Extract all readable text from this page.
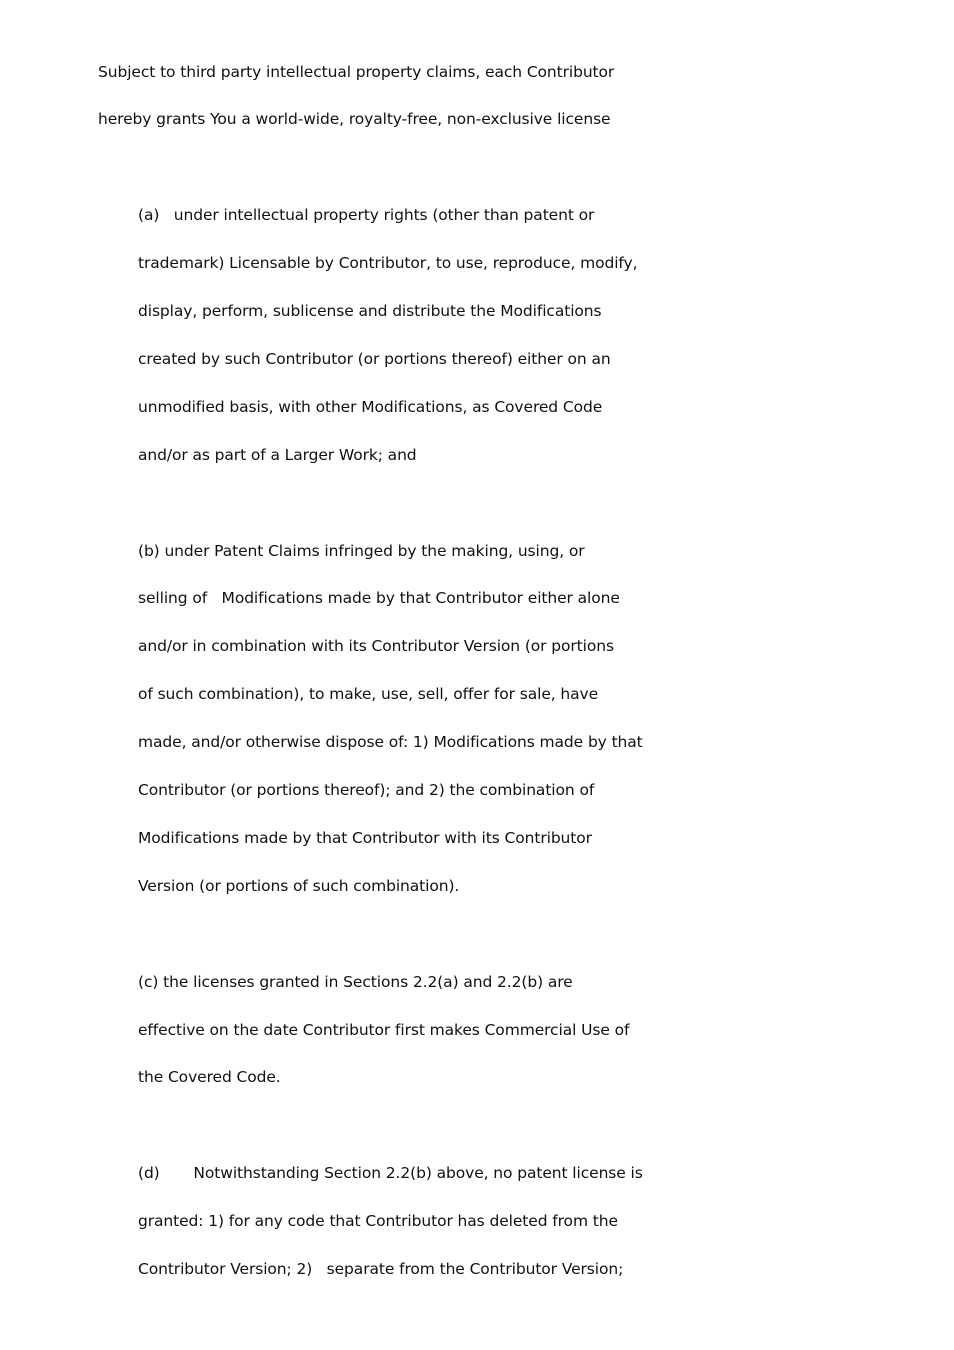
Subject to third party intellectual property claims, each Contributor
hereby grants You a world-wide, royalty-free, non-exclusive license
(a)   under intellectual property rights (other than patent or
trademark) Licensable by Contributor, to use, reproduce, modify,
display, perform, sublicense and distribute the Modifications
created by such Contributor (or portions thereof) either on an
unmodified basis, with other Modifications, as Covered Code
and/or as part of a Larger Work; and
(b) under Patent Claims infringed by the making, using, or
selling of   Modifications made by that Contributor either alone
and/or in combination with its Contributor Version (or portions
of such combination), to make, use, sell, offer for sale, have
made, and/or otherwise dispose of: 1) Modifications made by that
Contributor (or portions thereof); and 2) the combination of
Modifications made by that Contributor with its Contributor
Version (or portions of such combination).
(c) the licenses granted in Sections 2.2(a) and 2.2(b) are
effective on the date Contributor first makes Commercial Use of
the Covered Code.
(d)       Notwithstanding Section 2.2(b) above, no patent license is
granted: 1) for any code that Contributor has deleted from the
Contributor Version; 2)   separate from the Contributor Version;
